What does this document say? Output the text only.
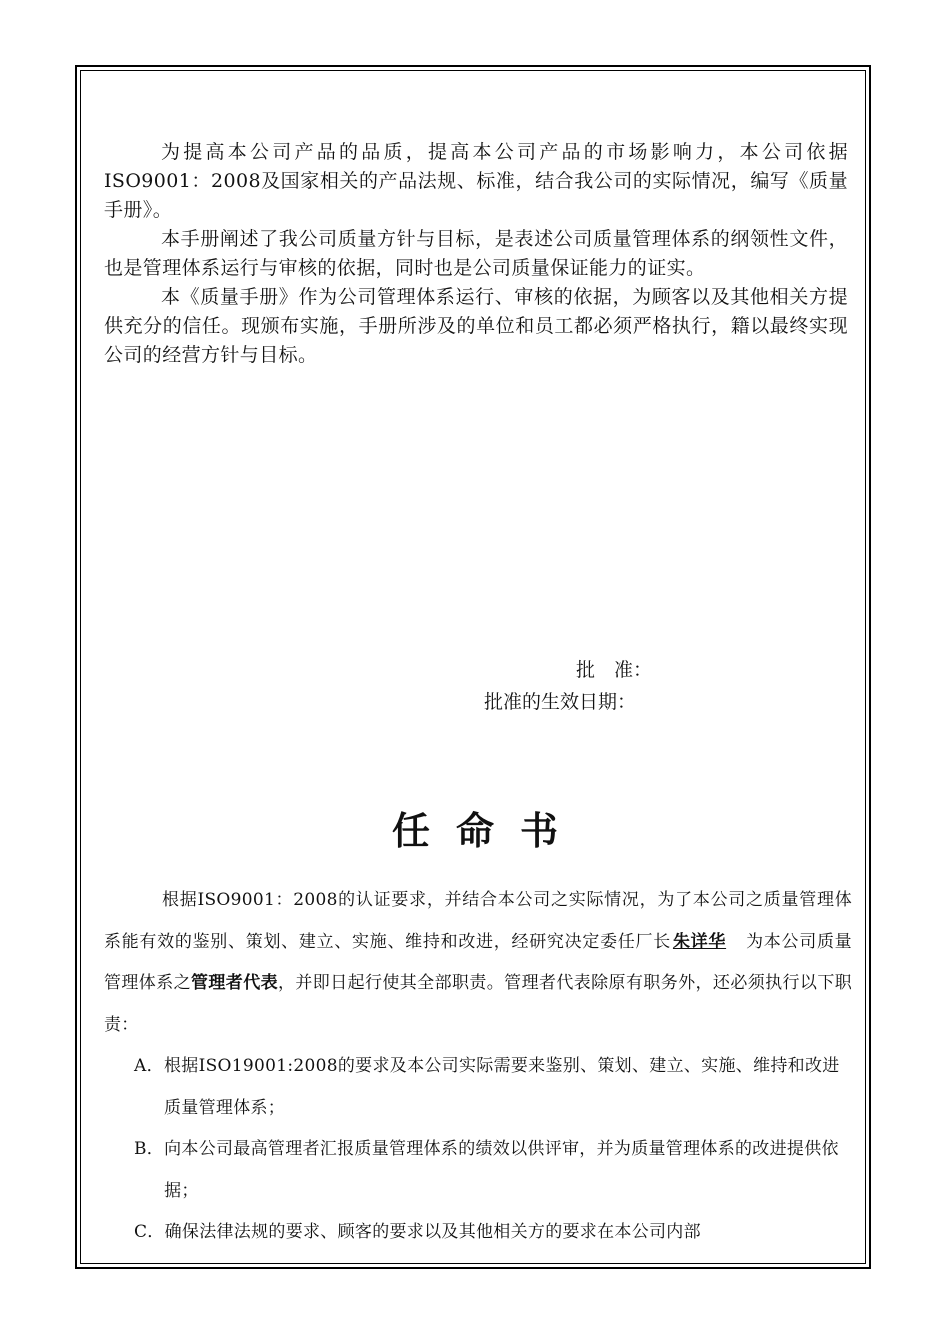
为提高本公司产品的品质，提高本公司产品的市场影响力，本公司依据ISO9001：2008及国家相关的产品法规、标准，结合我公司的实际情况，编写《质量手册》。

本手册阐述了我公司质量方针与目标，是表述公司质量管理体系的纲领性文件，也是管理体系运行与审核的依据，同时也是公司质量保证能力的证实。

本《质量手册》作为公司管理体系运行、审核的依据，为顾客以及其他相关方提供充分的信任。现颁布实施，手册所涉及的单位和员工都必须严格执行，籍以最终实现公司的经营方针与目标。

批　准：
批准的生效日期：
任命书

根据ISO9001：2008的认证要求，并结合本公司之实际情况，为了本公司之质量管理体系能有效的鉴别、策划、建立、实施、维持和改进，经研究决定委任厂长 朱详华 为本公司质量管理体系之管理者代表，并即日起行使其全部职责。管理者代表除原有职务外，还必须执行以下职责：

A． 根据ISO19001:2008的要求及本公司实际需要来鉴别、策划、建立、实施、维持和改进质量管理体系；
B． 向本公司最高管理者汇报质量管理体系的绩效以供评审，并为质量管理体系的改进提供依据；
C． 确保法律法规的要求、顾客的要求以及其他相关方的要求在本公司内部
